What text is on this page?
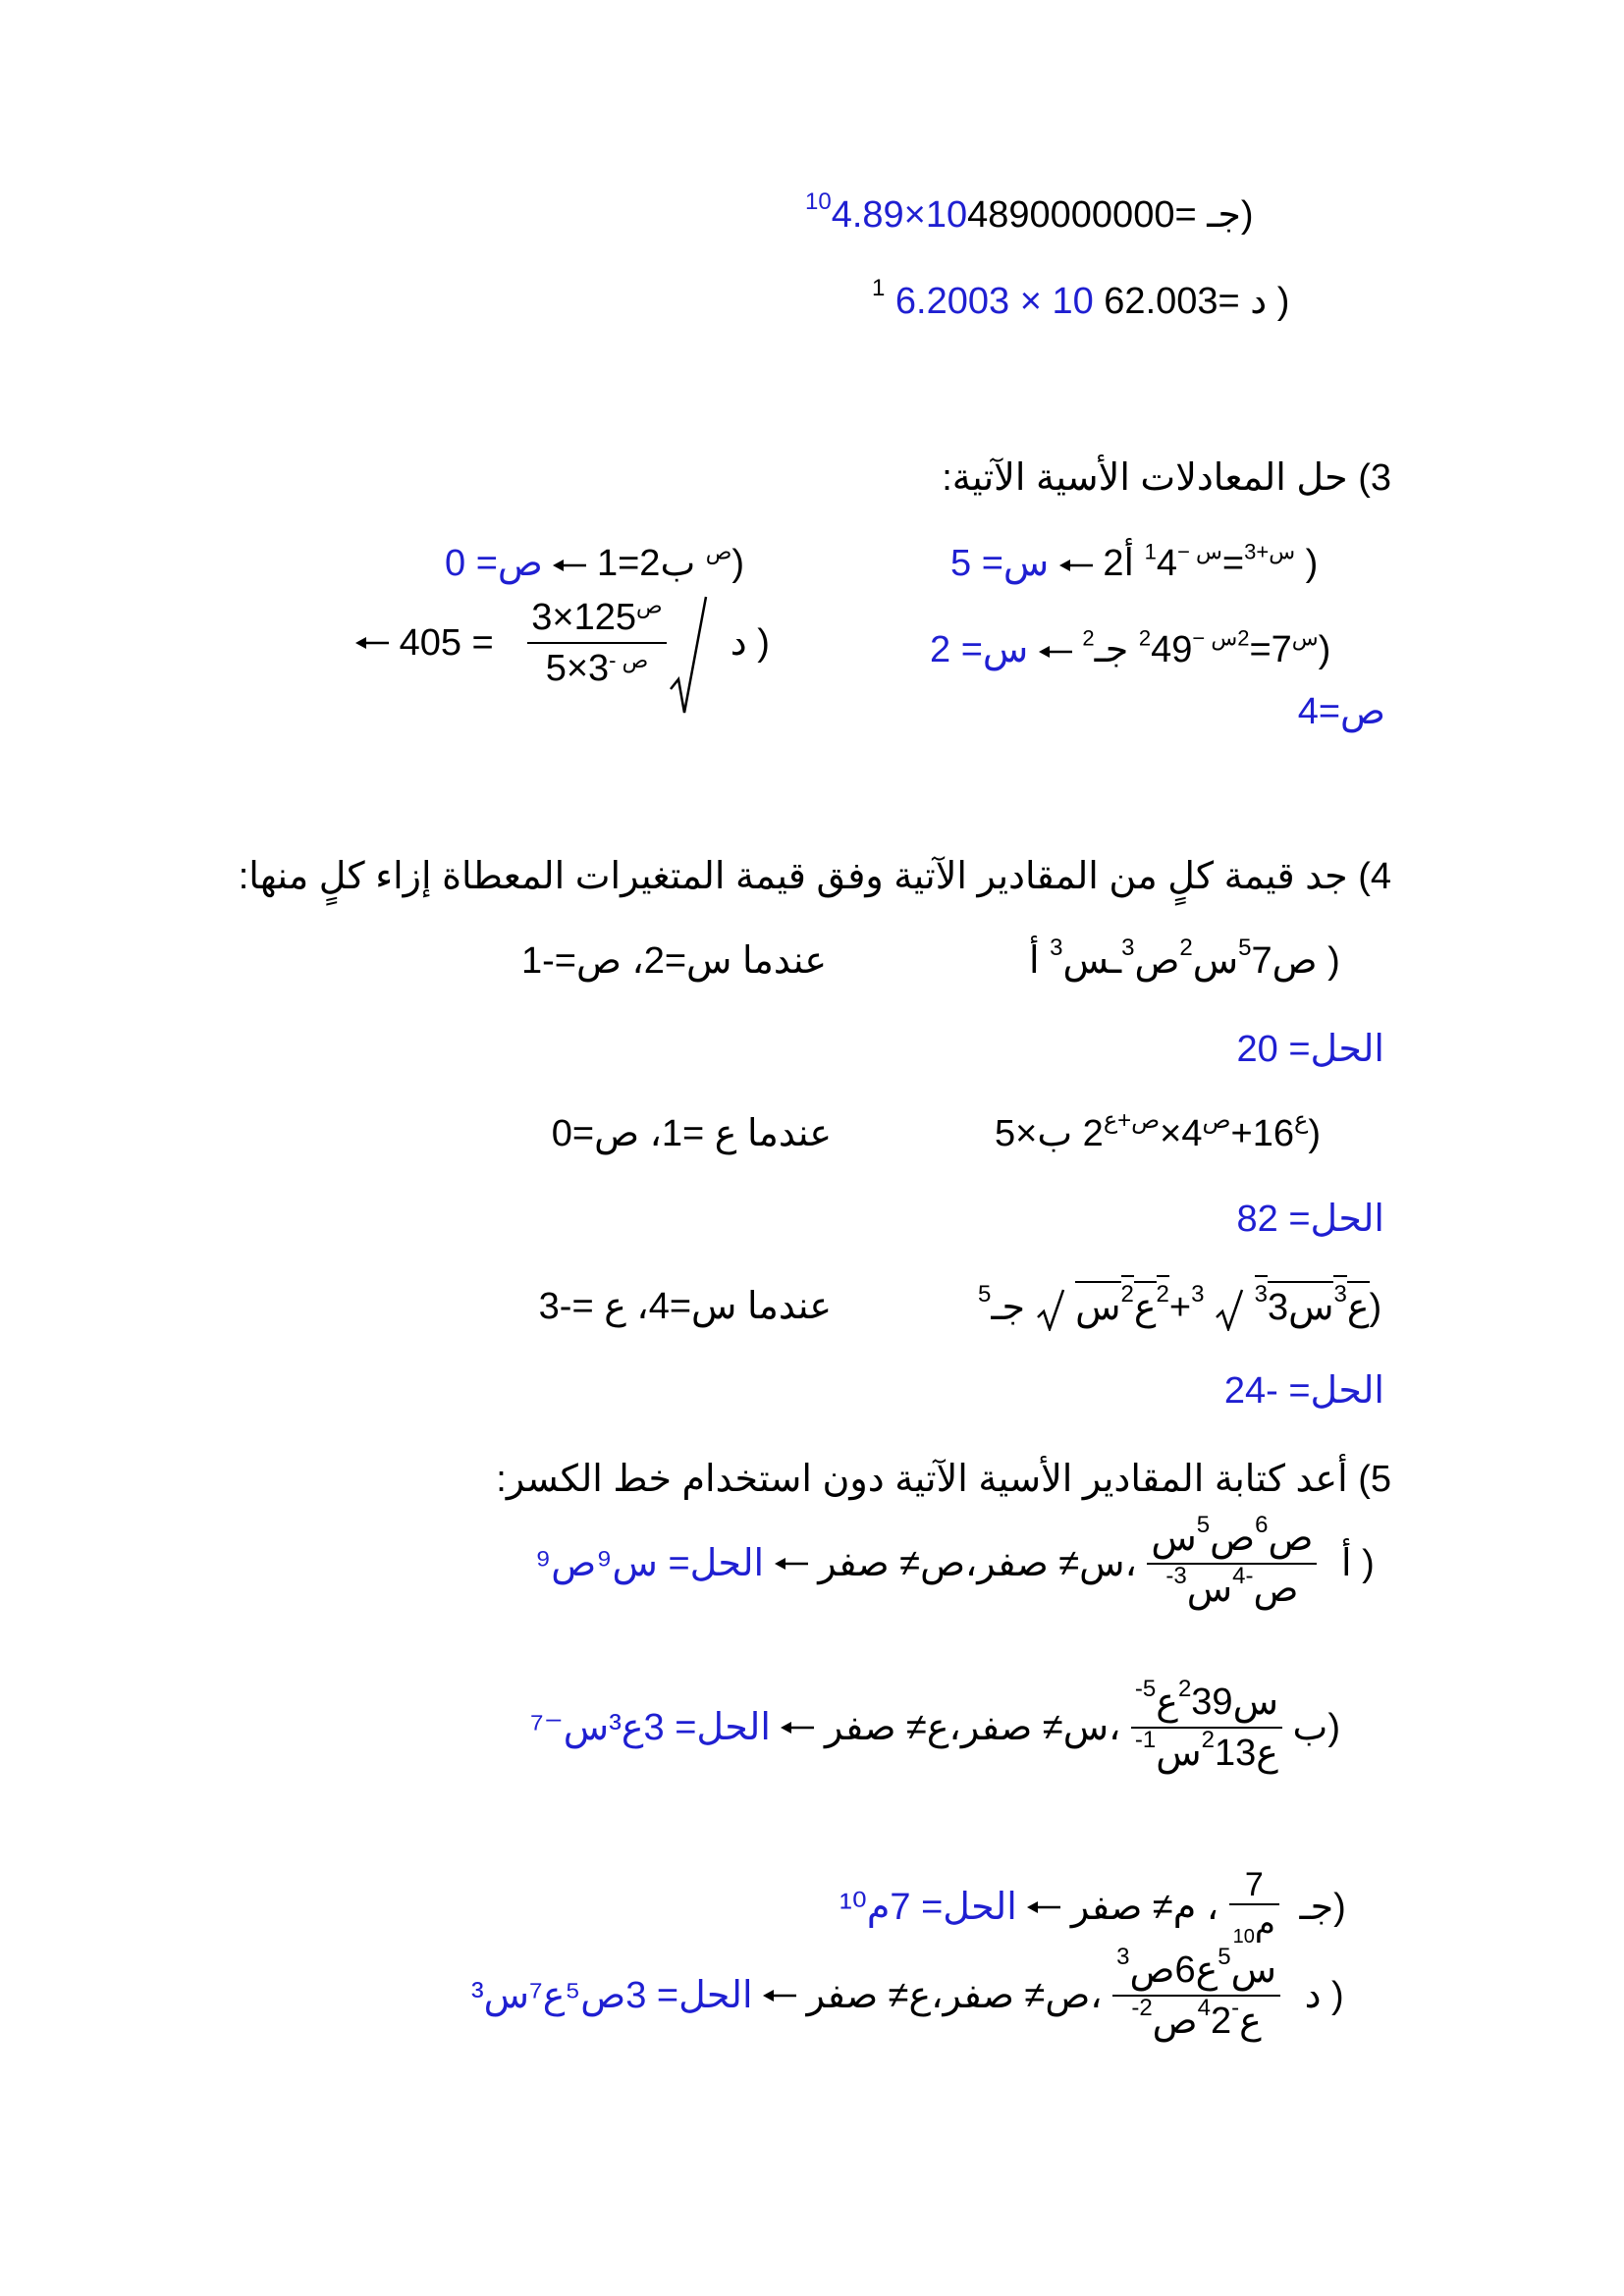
$^{10}$4.89×104890000000= جـ)
$^1$ 6.2003 × 10 62.003= د )
3) حل المعادلات الأسية الآتية:
س= 5 2	$^{س+3}$=$^{س -1}$4 أ )
ص= 0 1=2 $^ص$ ب)
س= 2	$^{2س}$7=$^{2س -2}$49 جـ)
ص=4
$405 = \frac{3\times 125^ص}{^{ص -}3\times 5}$
د )
4) جد قيمة كلٍ من المقادير الآتية وفق قيمة المتغيرات المعطاة إزاء كلٍ منها:
ص$^5$7س$^2$ص$^3$ـس$^3$ أ )
عندما س=2، ص=-1
الحل= 20
5×	$^ع$16+$^ص$4×$^{ص+ع}$2 ب)
عندما ع =1، ص=0
الحل= 82
$^5$	ع$^3$س$^3$3  $^3$+$^2$ع$^2$س  جـ)
عندما س=4، ع =-3
الحل= -24
5) أعد كتابة المقادير الأسية الآتية دون استخدام خط الكسر:
الحل= س⁹ص⁹ ،س≠ صفر،ص≠ صفر $\frac{ص^6ص^5س}{^{-3} ص^{-4}س}$ أ )
الحل= 3ع³س⁻⁷ ،س≠ صفر،ع≠ صفر $^{-5}$ س$^2$39ع
$^{-1}$	ع$^2$13س ب)
الحل= 7م¹⁰ ، م≠ صفر $\frac{7}{م_{10}}$ جـ)
الحل= 3ص⁵ع⁷س³ ،ص≠ صفر،ع≠ صفر $^3$	س$^5$ع6ص
$^{-2}$ ع$^{-4}$2ص د )
